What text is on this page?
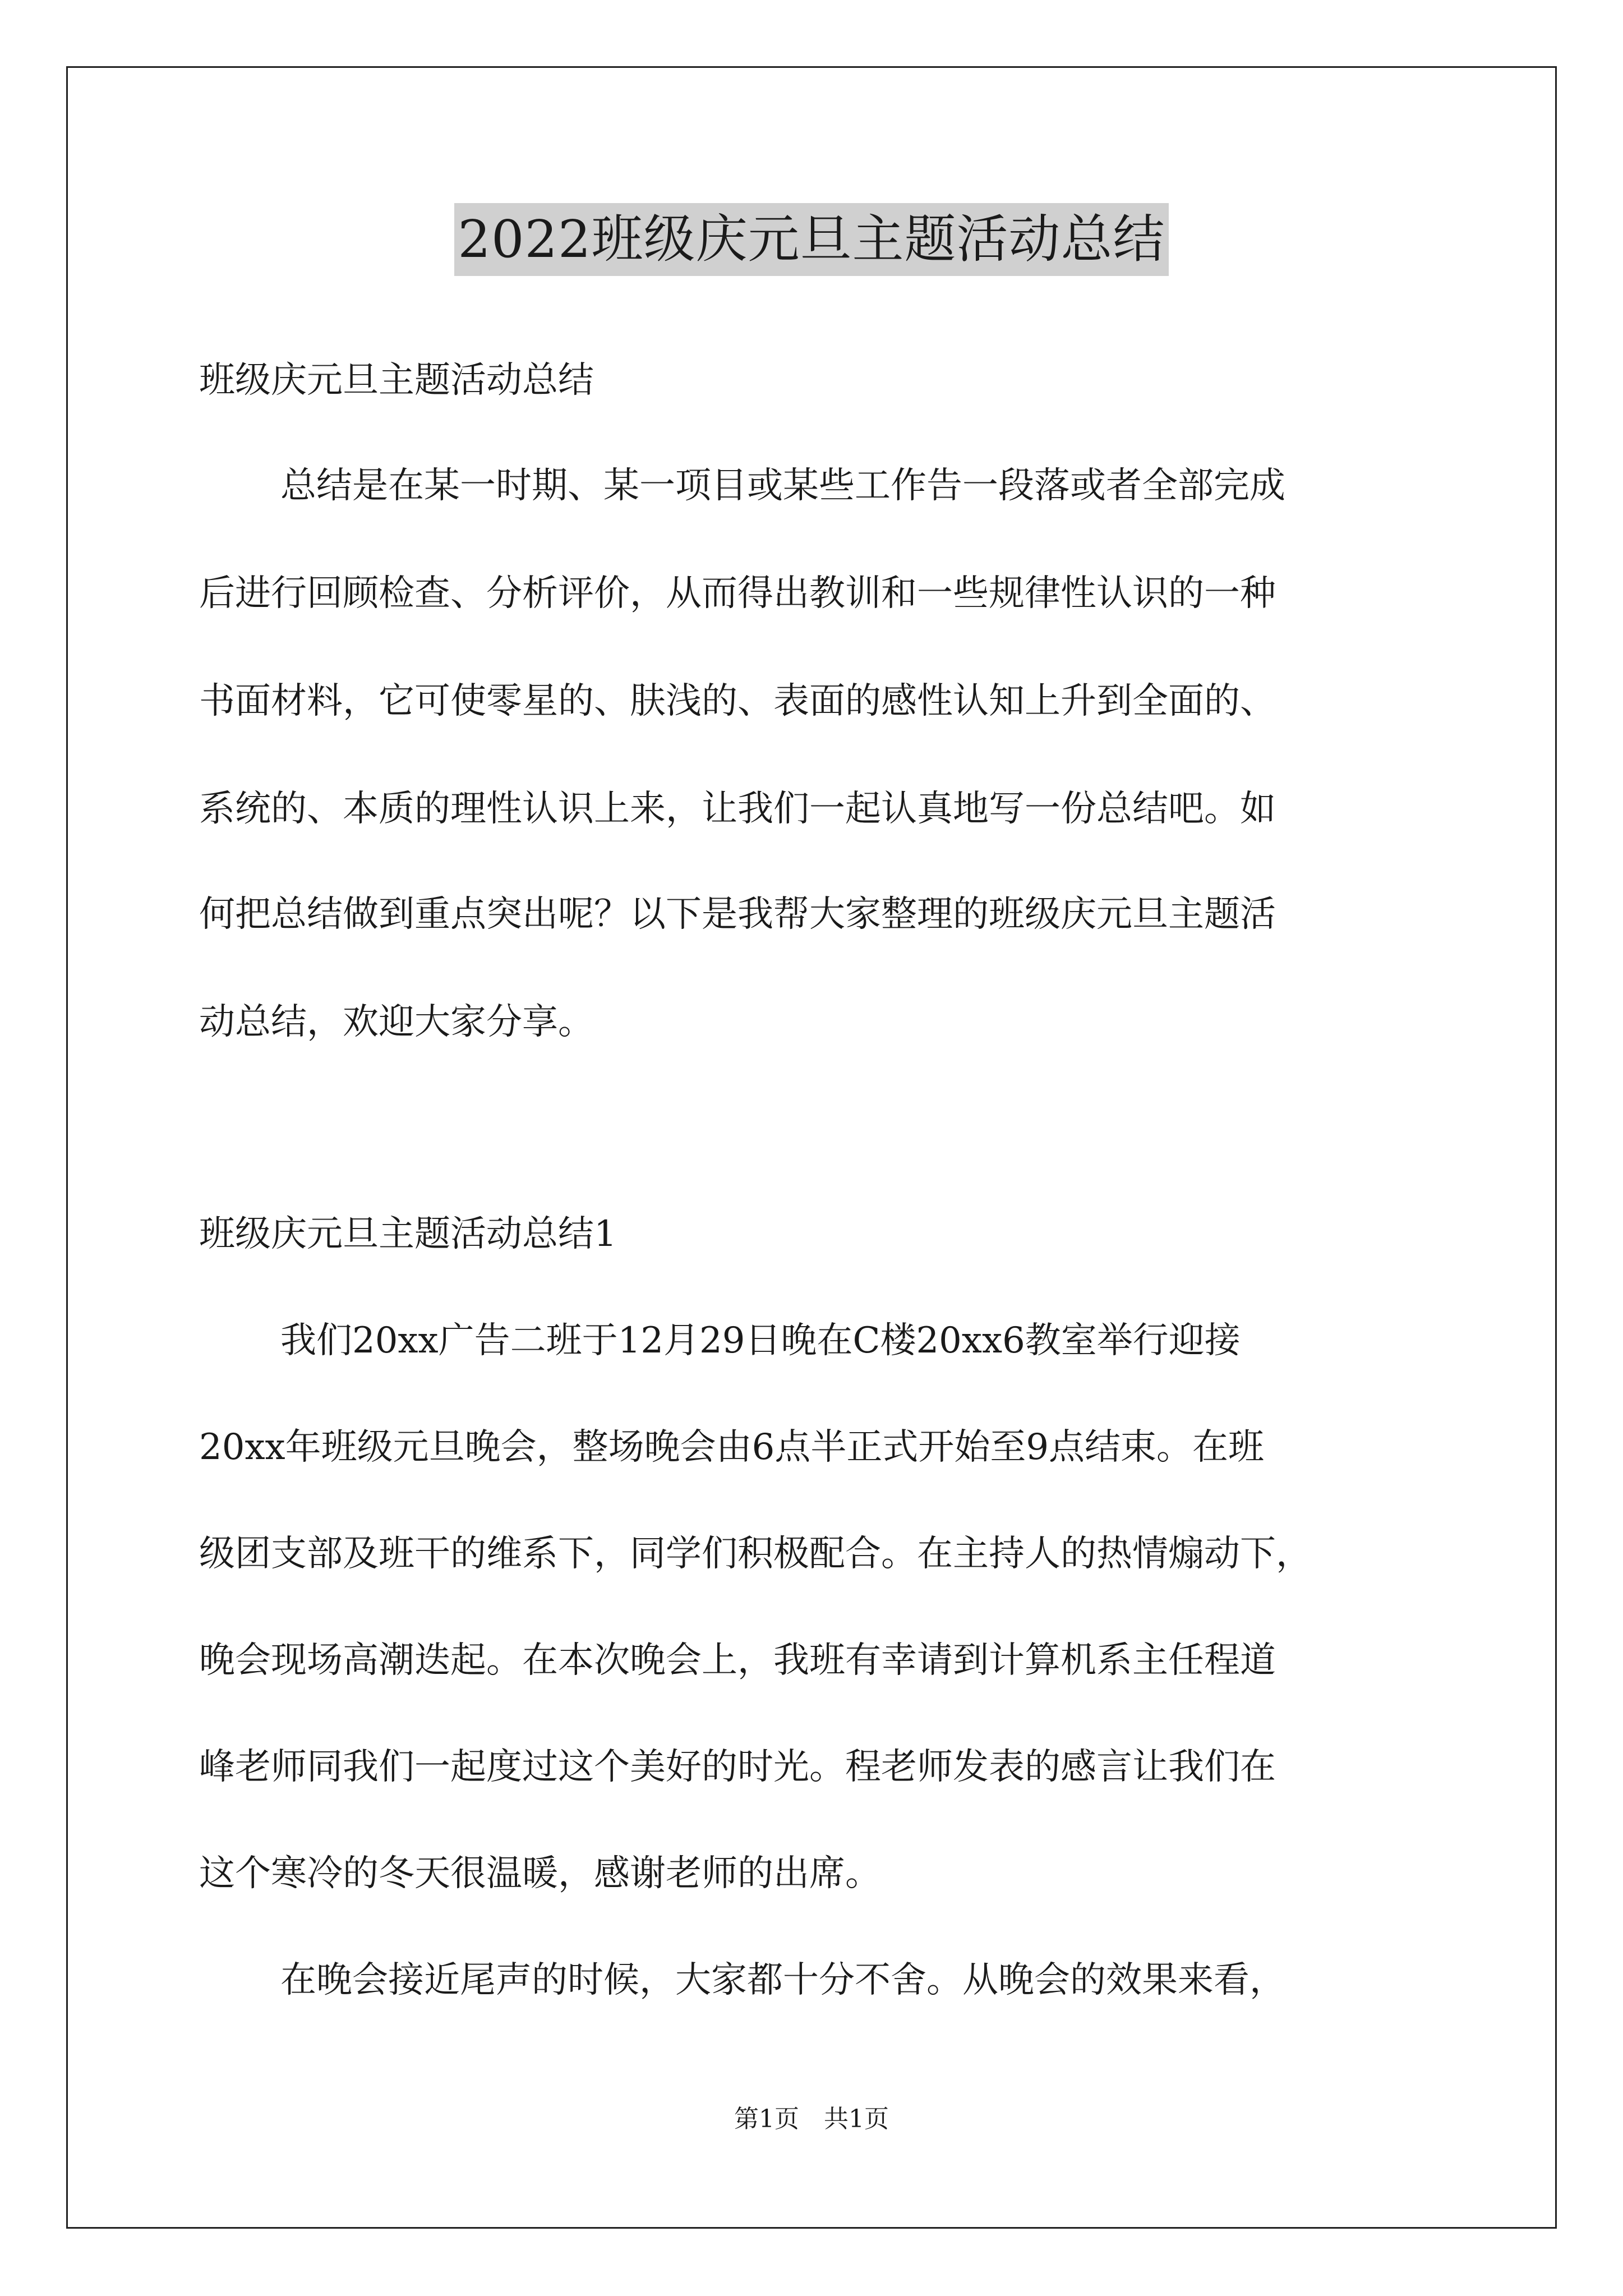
2022班级庆元旦主题活动总结
班级庆元旦主题活动总结
总结是在某一时期、某一项目或某些工作告一段落或者全部完成
后进行回顾检查、分析评价，从而得出教训和一些规律性认识的一种
书面材料，它可使零星的、肤浅的、表面的感性认知上升到全面的、
系统的、本质的理性认识上来，让我们一起认真地写一份总结吧。如
何把总结做到重点突出呢？以下是我帮大家整理的班级庆元旦主题活
动总结，欢迎大家分享。
班级庆元旦主题活动总结1
我们20xx广告二班于12月29日晚在C楼20xx6教室举行迎接
20xx年班级元旦晚会，整场晚会由6点半正式开始至9点结束。在班
级团支部及班干的维系下，同学们积极配合。在主持人的热情煽动下，
晚会现场高潮迭起。在本次晚会上，我班有幸请到计算机系主任程道
峰老师同我们一起度过这个美好的时光。程老师发表的感言让我们在
这个寒冷的冬天很温暖，感谢老师的出席。
在晚会接近尾声的时候，大家都十分不舍。从晚会的效果来看，
第1页　共1页
